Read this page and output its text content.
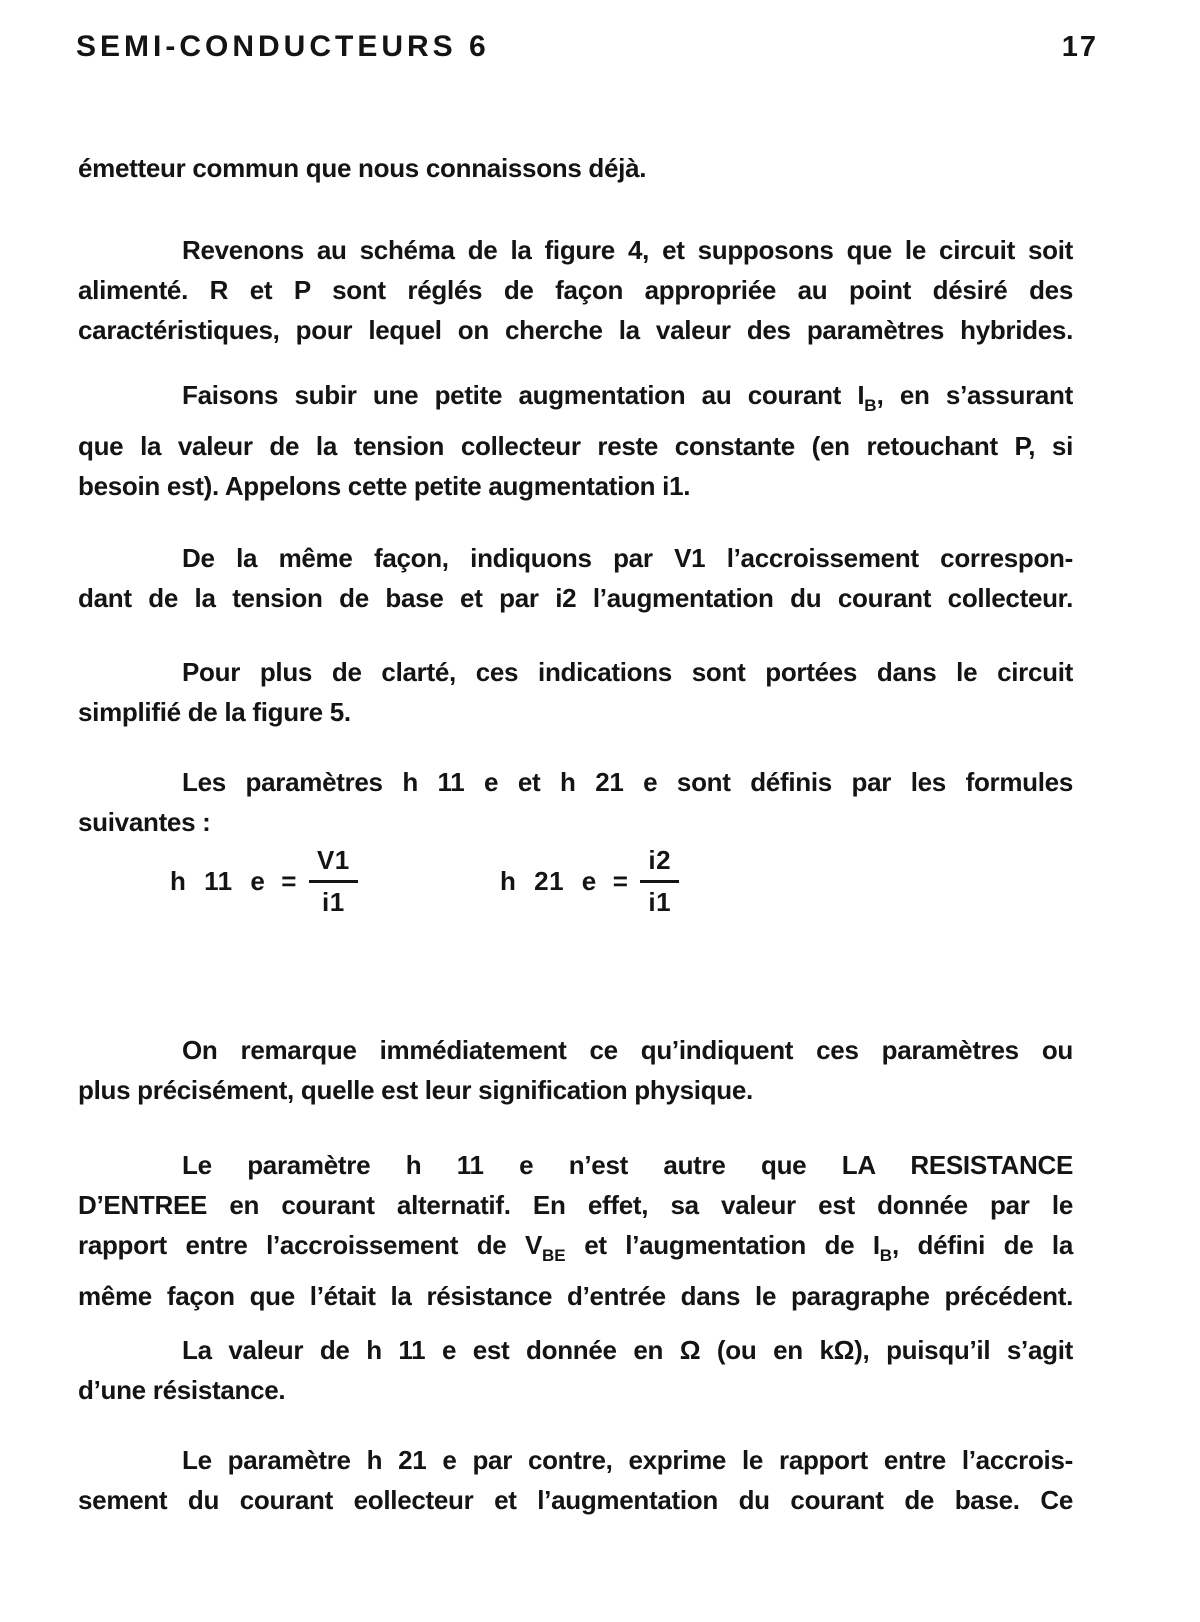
SEMI-CONDUCTEURS 6	17
émetteur commun que nous connaissons déjà.
Revenons au schéma de la figure 4, et supposons que le circuit soit
alimenté. R et P sont réglés de façon appropriée au point désiré des
caractéristiques, pour lequel on cherche la valeur des paramètres hybrides.
Faisons subir une petite augmentation au courant $I_B$, en s’assurant
que la valeur de la tension collecteur reste constante (en retouchant P, si
besoin est). Appelons cette petite augmentation i1.
De la même façon, indiquons par V1 l’accroissement correspon-
dant de la tension de base et par i2 l’augmentation du courant collecteur.
Pour plus de clarté, ces indications sont portées dans le circuit
simplifié de la figure 5.
Les paramètres h 11 e et h 21 e sont définis par les formules
suivantes :
h 11 $e = \frac{V1}{i1}$	h 21 $e = \frac{i2}{i1}$
On remarque immédiatement ce qu’indiquent ces paramètres ou
plus précisément, quelle est leur signification physique.
Le paramètre h 11 e n’est autre que LA RESISTANCE
D’ENTREE en courant alternatif. En effet, sa valeur est donnée par le
rapport entre l’accroissement de $V_{BE}$ et l’augmentation de $I_B$, défini de la
même façon que l’était la résistance d’entrée dans le paragraphe précédent.
La valeur de h 11 e est donnée en Ω (ou en kΩ), puisqu’il s’agit
d’une résistance.
Le paramètre h 21 e par contre, exprime le rapport entre l’accrois-
sement du courant eollecteur et l’augmentation du courant de base. Ce
